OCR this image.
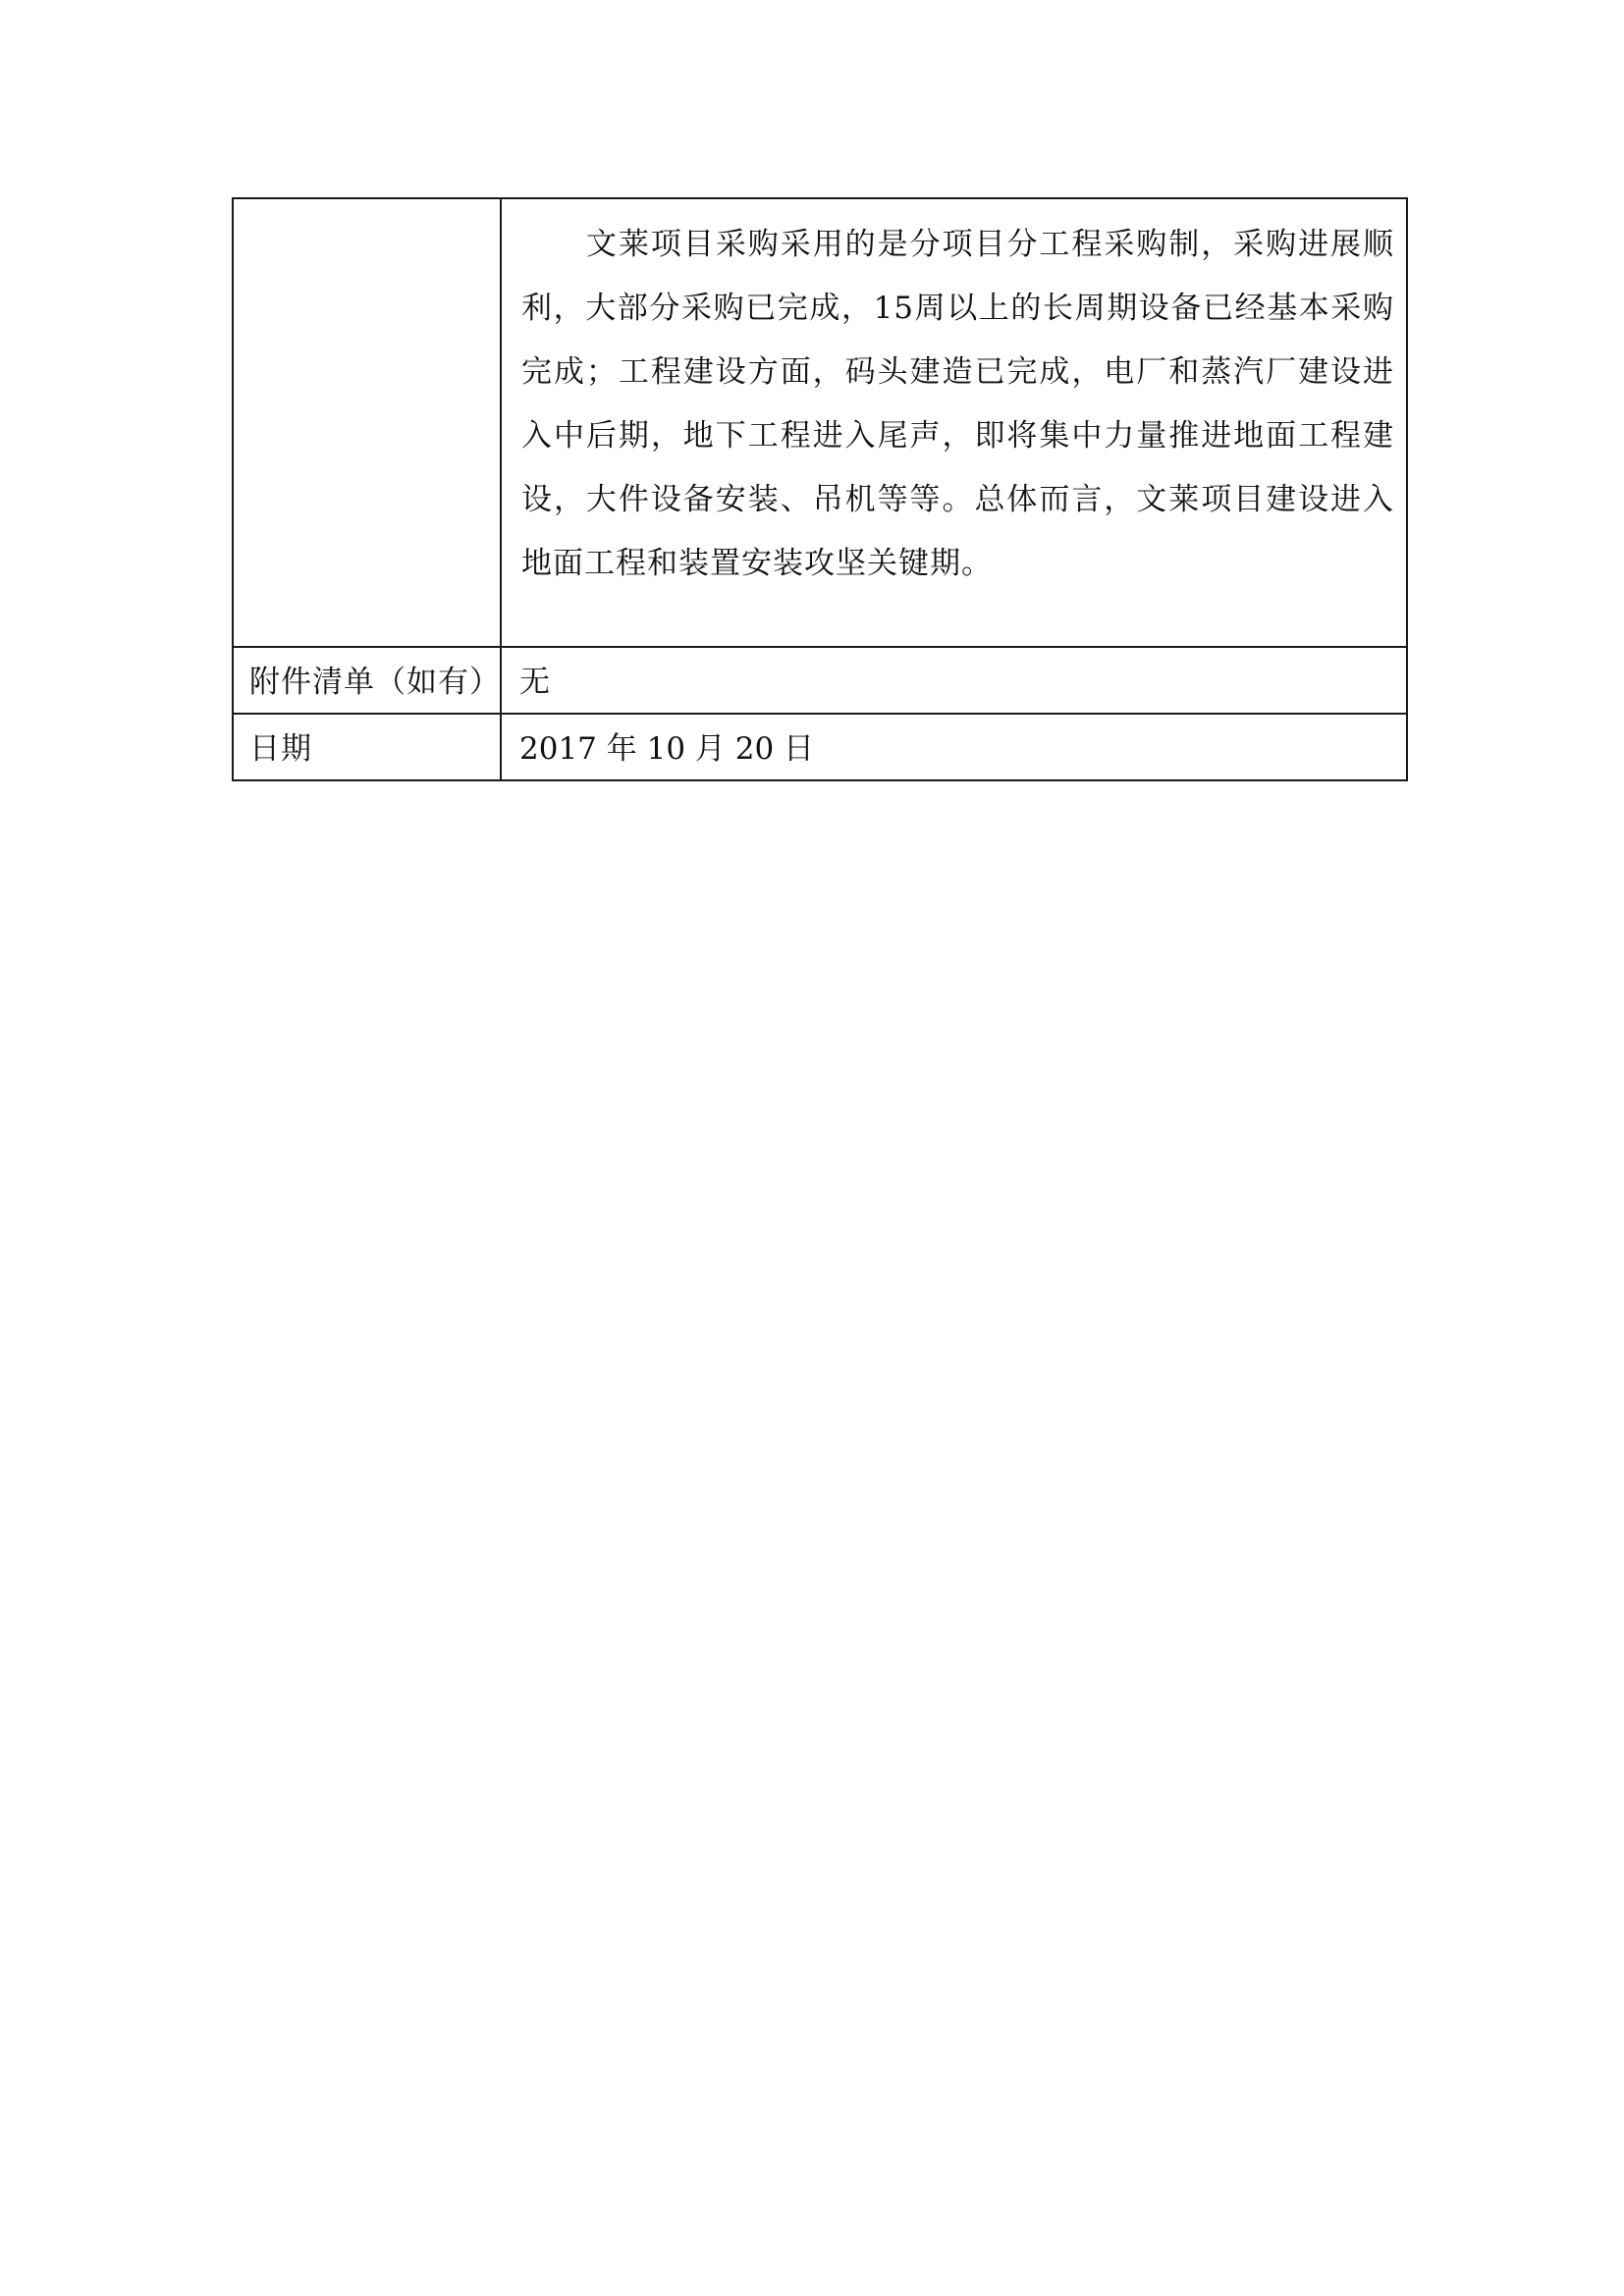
	文莱项目采购采用的是分项目分工程采购制，采购进展顺利，大部分采购已完成，15周以上的长周期设备已经基本采购完成；工程建设方面，码头建造已完成，电厂和蒸汽厂建设进入中后期，地下工程进入尾声，即将集中力量推进地面工程建设，大件设备安装、吊机等等。总体而言，文莱项目建设进入地面工程和装置安装攻坚关键期。

附件清单（如有）	无

日期	2017 年 10 月 20 日
